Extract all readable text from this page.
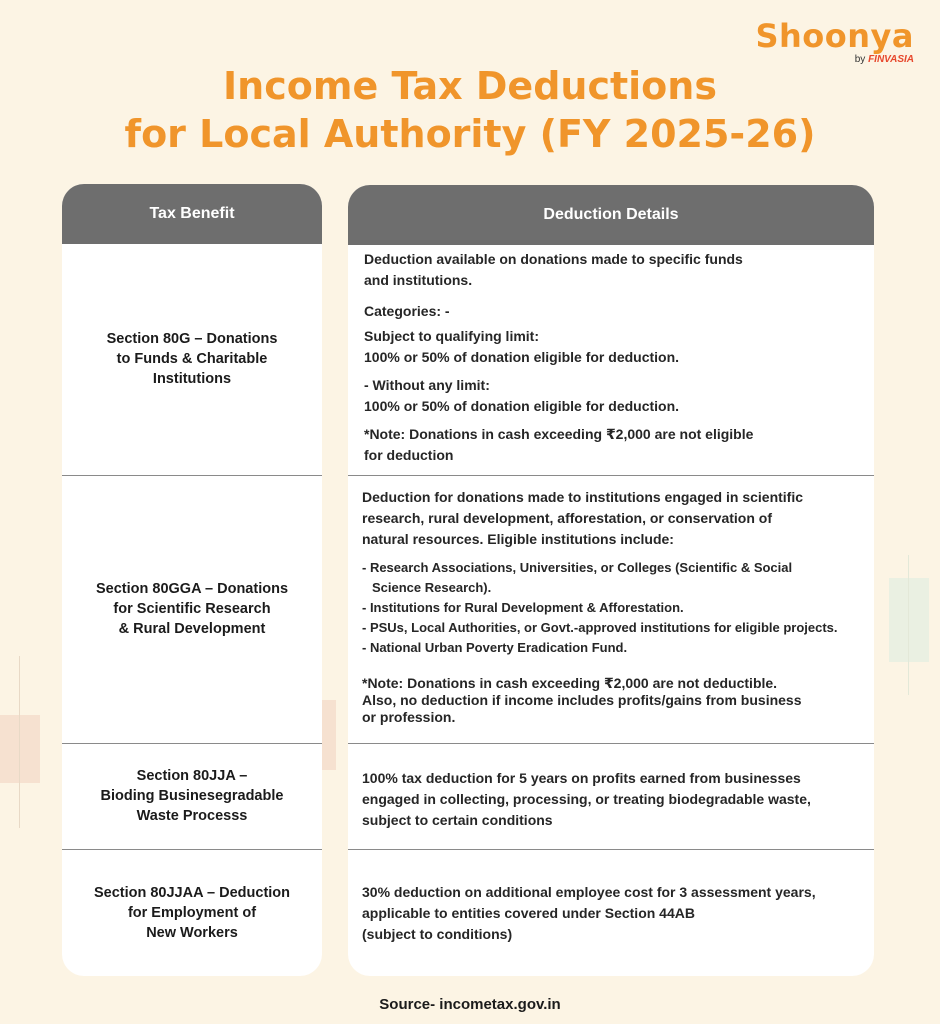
Shoonya
by FINVASIA
Income Tax Deductions
for Local Authority (FY 2025-26)
Tax Benefit
Section 80G – Donations
to Funds & Charitable
Institutions
Section 80GGA – Donations
for Scientific Research
& Rural Development
Section 80JJA –
Bioding Businesegradable
Waste Processs
Section 80JJAA – Deduction
for Employment of
New Workers
Deduction Details

Deduction available on donations made to specific funds

and institutions.

Categories: -

Subject to qualifying limit:

100% or 50% of donation eligible for deduction.

- Without any limit:

100% or 50% of donation eligible for deduction.

*Note: Donations in cash exceeding ₹2,000 are not eligible

for deduction

Deduction for donations made to institutions engaged in scientific

research, rural development, afforestation, or conservation of

natural resources. Eligible institutions include:

- Research Associations, Universities, or Colleges (Scientific & Social

Science Research).

- Institutions for Rural Development & Afforestation.

- PSUs, Local Authorities, or Govt.-approved institutions for eligible projects.

- National Urban Poverty Eradication Fund.

*Note: Donations in cash exceeding ₹2,000 are not deductible.

Also, no deduction if income includes profits/gains from business

or profession.

100% tax deduction for 5 years on profits earned from businesses

engaged in collecting, processing, or treating biodegradable waste,

subject to certain conditions

30% deduction on additional employee cost for 3 assessment years,

applicable to entities covered under Section 44AB

(subject to conditions)

Source- incometax.gov.in
